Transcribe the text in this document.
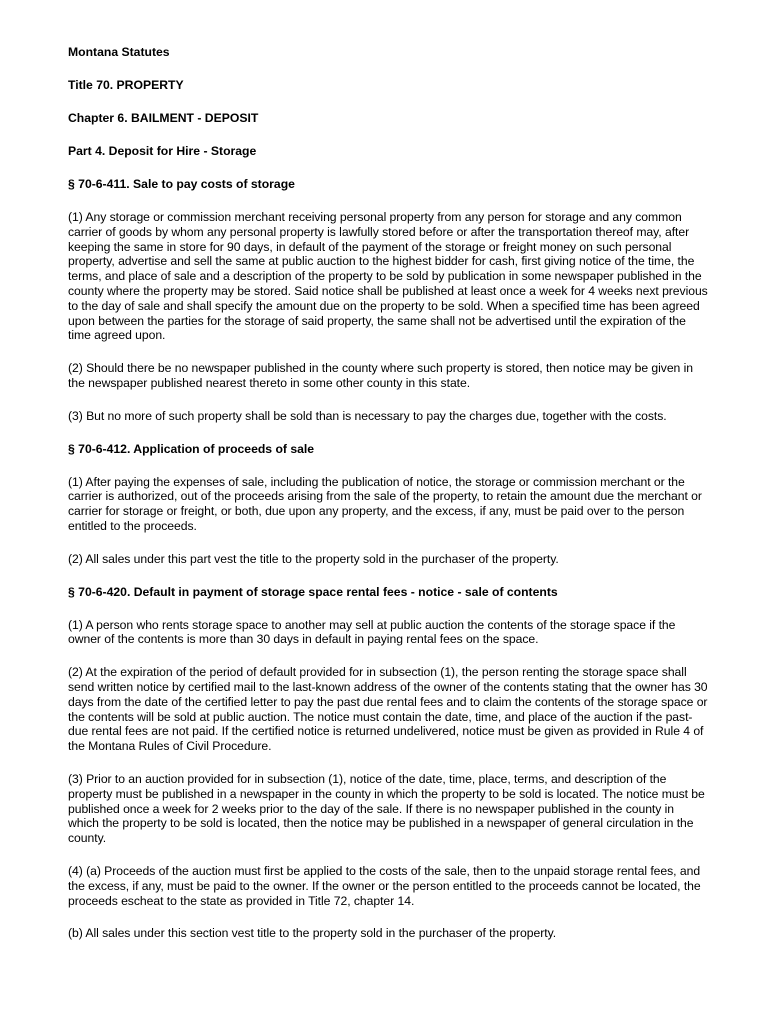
Montana Statutes
Title 70. PROPERTY
Chapter 6. BAILMENT - DEPOSIT
Part 4. Deposit for Hire - Storage
§ 70-6-411. Sale to pay costs of storage

(1) Any storage or commission merchant receiving personal property from any person for storage and any common carrier of goods by whom any personal property is lawfully stored before or after the transportation thereof may, after keeping the same in store for 90 days, in default of the payment of the storage or freight money on such personal property, advertise and sell the same at public auction to the highest bidder for cash, first giving notice of the time, the terms, and place of sale and a description of the property to be sold by publication in some newspaper published in the county where the property may be stored. Said notice shall be published at least once a week for 4 weeks next previous to the day of sale and shall specify the amount due on the property to be sold. When a specified time has been agreed upon between the parties for the storage of said property, the same shall not be advertised until the expiration of the time agreed upon.

(2) Should there be no newspaper published in the county where such property is stored, then notice may be given in the newspaper published nearest thereto in some other county in this state.

(3) But no more of such property shall be sold than is necessary to pay the charges due, together with the costs.

§ 70-6-412. Application of proceeds of sale

(1) After paying the expenses of sale, including the publication of notice, the storage or commission merchant or the carrier is authorized, out of the proceeds arising from the sale of the property, to retain the amount due the merchant or carrier for storage or freight, or both, due upon any property, and the excess, if any, must be paid over to the person entitled to the proceeds.

(2) All sales under this part vest the title to the property sold in the purchaser of the property.

§ 70-6-420. Default in payment of storage space rental fees - notice - sale of contents

(1) A person who rents storage space to another may sell at public auction the contents of the storage space if the owner of the contents is more than 30 days in default in paying rental fees on the space.

(2) At the expiration of the period of default provided for in subsection (1), the person renting the storage space shall send written notice by certified mail to the last-known address of the owner of the contents stating that the owner has 30 days from the date of the certified letter to pay the past due rental fees and to claim the contents of the storage space or the contents will be sold at public auction. The notice must contain the date, time, and place of the auction if the past-due rental fees are not paid. If the certified notice is returned undelivered, notice must be given as provided in Rule 4 of the Montana Rules of Civil Procedure.

(3) Prior to an auction provided for in subsection (1), notice of the date, time, place, terms, and description of the property must be published in a newspaper in the county in which the property to be sold is located. The notice must be published once a week for 2 weeks prior to the day of the sale. If there is no newspaper published in the county in which the property to be sold is located, then the notice may be published in a newspaper of general circulation in the county.

(4) (a) Proceeds of the auction must first be applied to the costs of the sale, then to the unpaid storage rental fees, and the excess, if any, must be paid to the owner. If the owner or the person entitled to the proceeds cannot be located, the proceeds escheat to the state as provided in Title 72, chapter 14.

(b) All sales under this section vest title to the property sold in the purchaser of the property.
